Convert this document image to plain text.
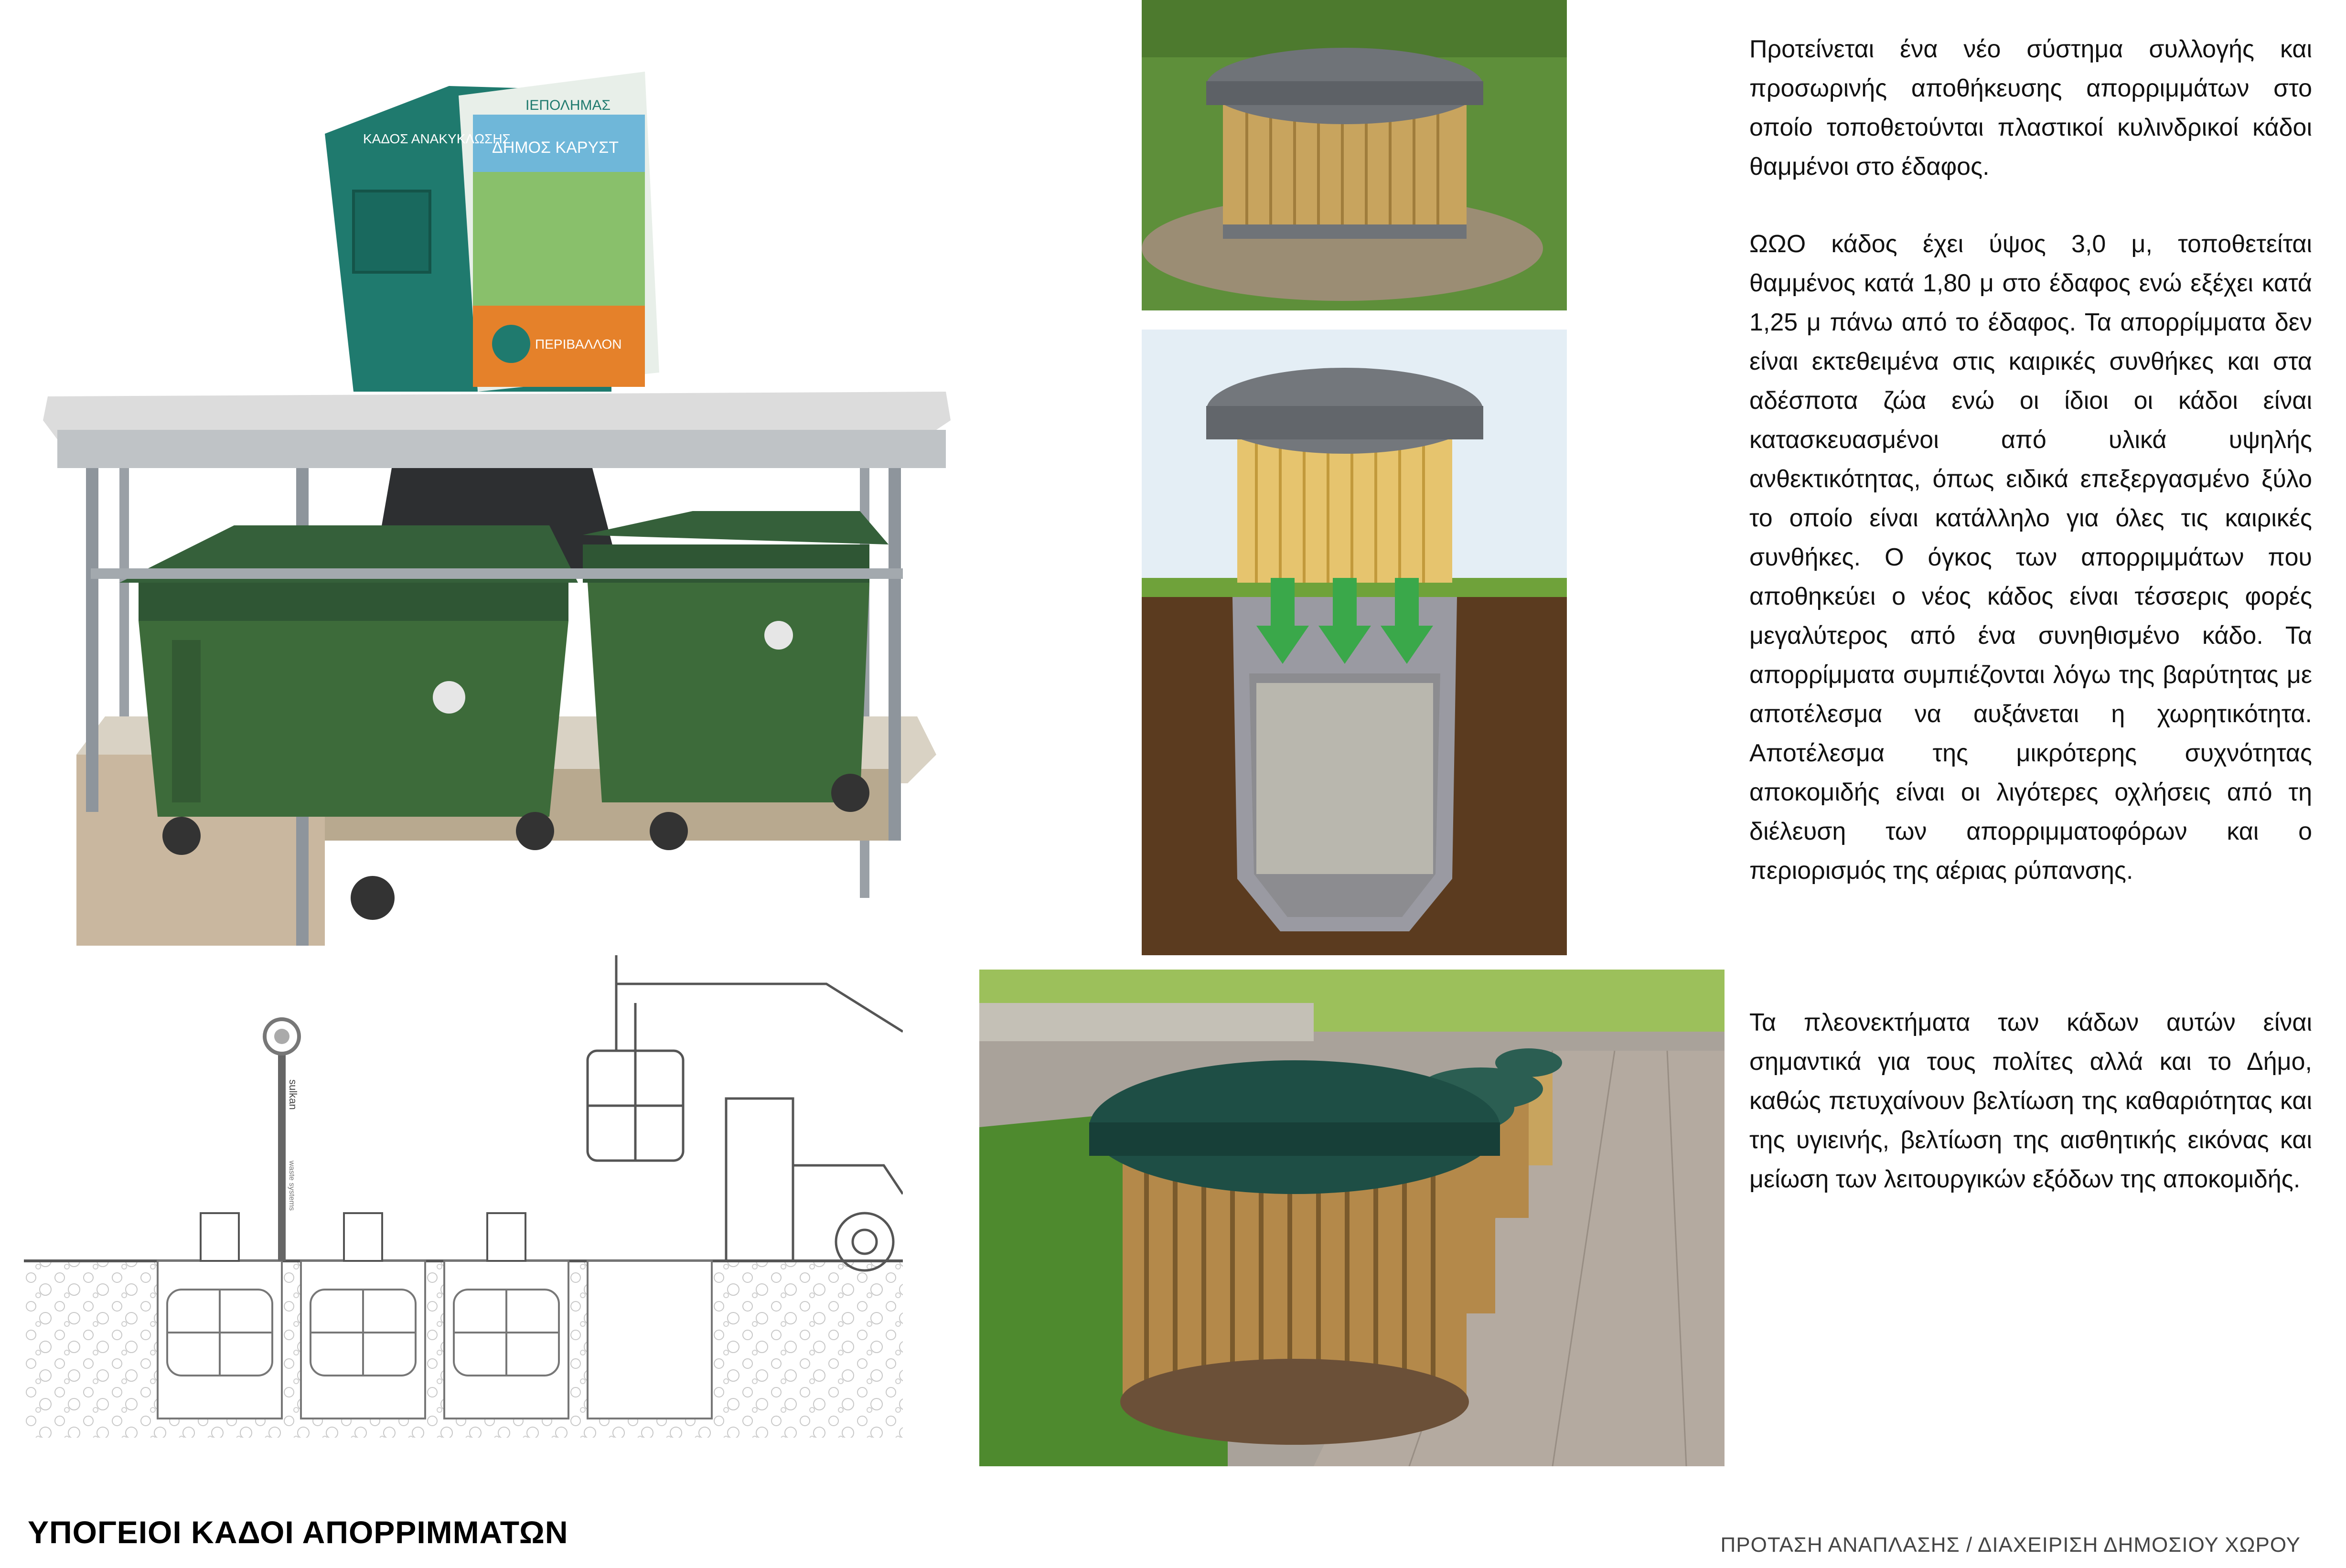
ΚΑΔΟΣ ΑΝΑΚΥΚΛΩΣΗΣ
ΙΕΠΟΛΗΜΑΣ
ΔΗΜΟΣ ΚΑΡΥΣΤ
ΠΕΡΙΒΑΛΛΟΝ
sulkan
waste systems

Προτείνεται ένα νέο σύστημα συλλογής και προσωρινής αποθήκευσης απορριμμάτων στο οποίο τοποθετούνται πλαστικοί κυλινδρικοί κάδοι θαμμένοι στο έδαφος.

ΩΩΟ κάδος έχει ύψος 3,0 μ, τοποθετείται θαμμένος κατά 1,80 μ στο έδαφος ενώ εξέχει κατά 1,25 μ πάνω από το έδαφος. Τα απορρίμματα δεν είναι εκτεθειμένα στις καιρικές συνθήκες και στα αδέσποτα ζώα ενώ οι ίδιοι οι κάδοι είναι κατασκευασμένοι από υλικά υψηλής ανθεκτικότητας, όπως ειδικά επεξεργασμένο ξύλο το οποίο είναι κατάλληλο για όλες τις καιρικές συνθήκες. Ο όγκος των απορριμμάτων που αποθηκεύει ο νέος κάδος είναι τέσσερις φορές μεγαλύτερος από ένα συνηθισμένο κάδο. Τα απορρίμματα συμπιέζονται λόγω της βαρύτητας με αποτέλεσμα να αυξάνεται η χωρητικότητα. Αποτέλεσμα της μικρότερης συχνότητας αποκομιδής είναι οι λιγότερες οχλήσεις από τη διέλευση των απορριμματοφόρων και ο περιορισμός της αέριας ρύπανσης.

Τα πλεονεκτήματα των κάδων αυτών είναι σημαντικά για τους πολίτες αλλά και το Δήμο, καθώς πετυχαίνουν βελτίωση της καθαριότητας και της υγιεινής, βελτίωση της αισθητικής εικόνας και μείωση των λειτουργικών εξόδων της αποκομιδής.

ΥΠΟΓΕΙΟΙ ΚΑΔΟΙ ΑΠΟΡΡΙΜΜΑΤΩΝ	ΠΡΟΤΑΣΗ ΑΝΑΠΛΑΣΗΣ / ΔΙΑΧΕΙΡΙΣΗ ΔΗΜΟΣΙΟΥ ΧΩΡΟΥ
